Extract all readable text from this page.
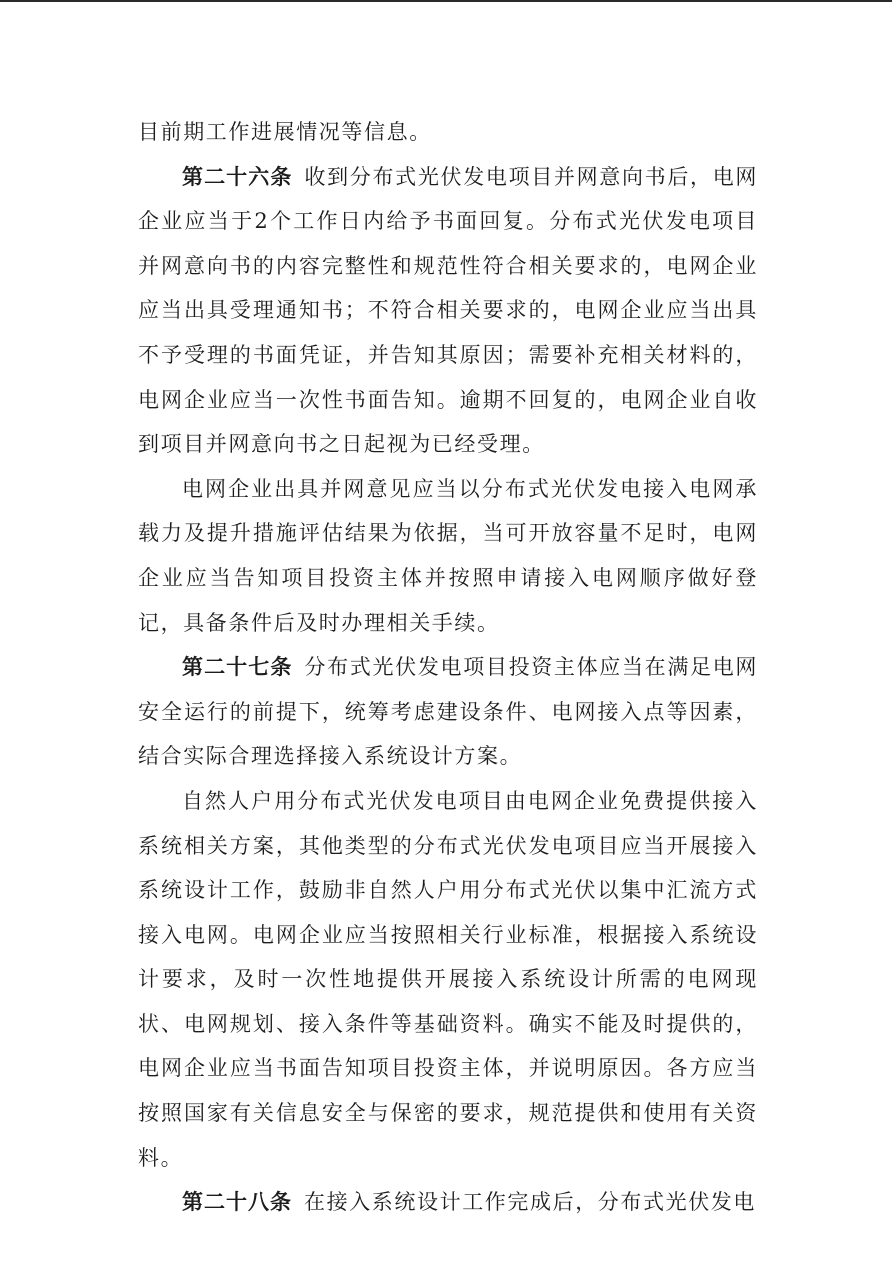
目前期工作进展情况等信息。

第二十六条 收到分布式光伏发电项目并网意向书后，电网企业应当于2个工作日内给予书面回复。分布式光伏发电项目并网意向书的内容完整性和规范性符合相关要求的，电网企业应当出具受理通知书；不符合相关要求的，电网企业应当出具不予受理的书面凭证，并告知其原因；需要补充相关材料的，电网企业应当一次性书面告知。逾期不回复的，电网企业自收到项目并网意向书之日起视为已经受理。

电网企业出具并网意见应当以分布式光伏发电接入电网承载力及提升措施评估结果为依据，当可开放容量不足时，电网企业应当告知项目投资主体并按照申请接入电网顺序做好登记，具备条件后及时办理相关手续。

第二十七条 分布式光伏发电项目投资主体应当在满足电网安全运行的前提下，统筹考虑建设条件、电网接入点等因素，结合实际合理选择接入系统设计方案。

自然人户用分布式光伏发电项目由电网企业免费提供接入系统相关方案，其他类型的分布式光伏发电项目应当开展接入系统设计工作，鼓励非自然人户用分布式光伏以集中汇流方式接入电网。电网企业应当按照相关行业标准，根据接入系统设计要求，及时一次性地提供开展接入系统设计所需的电网现状、电网规划、接入条件等基础资料。确实不能及时提供的，电网企业应当书面告知项目投资主体，并说明原因。各方应当按照国家有关信息安全与保密的要求，规范提供和使用有关资料。

第二十八条 在接入系统设计工作完成后，分布式光伏发电
